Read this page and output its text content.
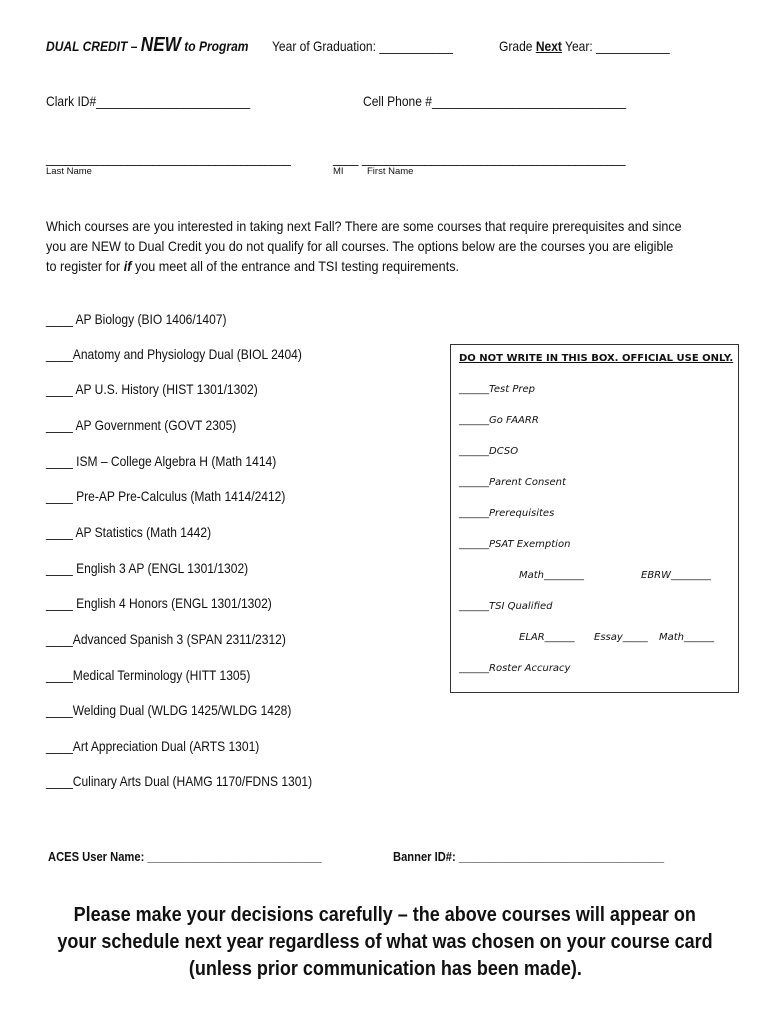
DUAL CREDIT – NEW to Program	Year of Graduation: ___________	Grade Next Year: ___________
Clark ID#_______________________	Cell Phone #_____________________________
_______________________________________	____ __________________________________________
Last Name	MI First Name
Which courses are you interested in taking next Fall? There are some courses that require prerequisites and since
you are NEW to Dual Credit you do not qualify for all courses. The options below are the courses you are eligible
to register for if you meet all of the entrance and TSI testing requirements.
____ AP Biology (BIO 1406/1407)
____Anatomy and Physiology Dual (BIOL 2404)
____ AP U.S. History (HIST 1301/1302)
____ AP Government (GOVT 2305)
____ ISM – College Algebra H (Math 1414)
____ Pre-AP Pre-Calculus (Math 1414/2412)
____ AP Statistics (Math 1442)
____ English 3 AP (ENGL 1301/1302)
____ English 4 Honors (ENGL 1301/1302)
____Advanced Spanish 3 (SPAN 2311/2312)
____Medical Terminology (HITT 1305)
____Welding Dual (WLDG 1425/WLDG 1428)
____Art Appreciation Dual (ARTS 1301)
____Culinary Arts Dual (HAMG 1170/FDNS 1301)
DO NOT WRITE IN THIS BOX. OFFICIAL USE ONLY.
______Test Prep
______Go FAARR
______DCSO
______Parent Consent
______Prerequisites
______PSAT Exemption
Math________	EBRW________
______TSI Qualified
ELAR______ Essay_____ Math______
______Roster Accuracy
ACES User Name: ____________________________	Banner ID#: _________________________________
Please make your decisions carefully – the above courses will appear on
your schedule next year regardless of what was chosen on your course card
(unless prior communication has been made).
